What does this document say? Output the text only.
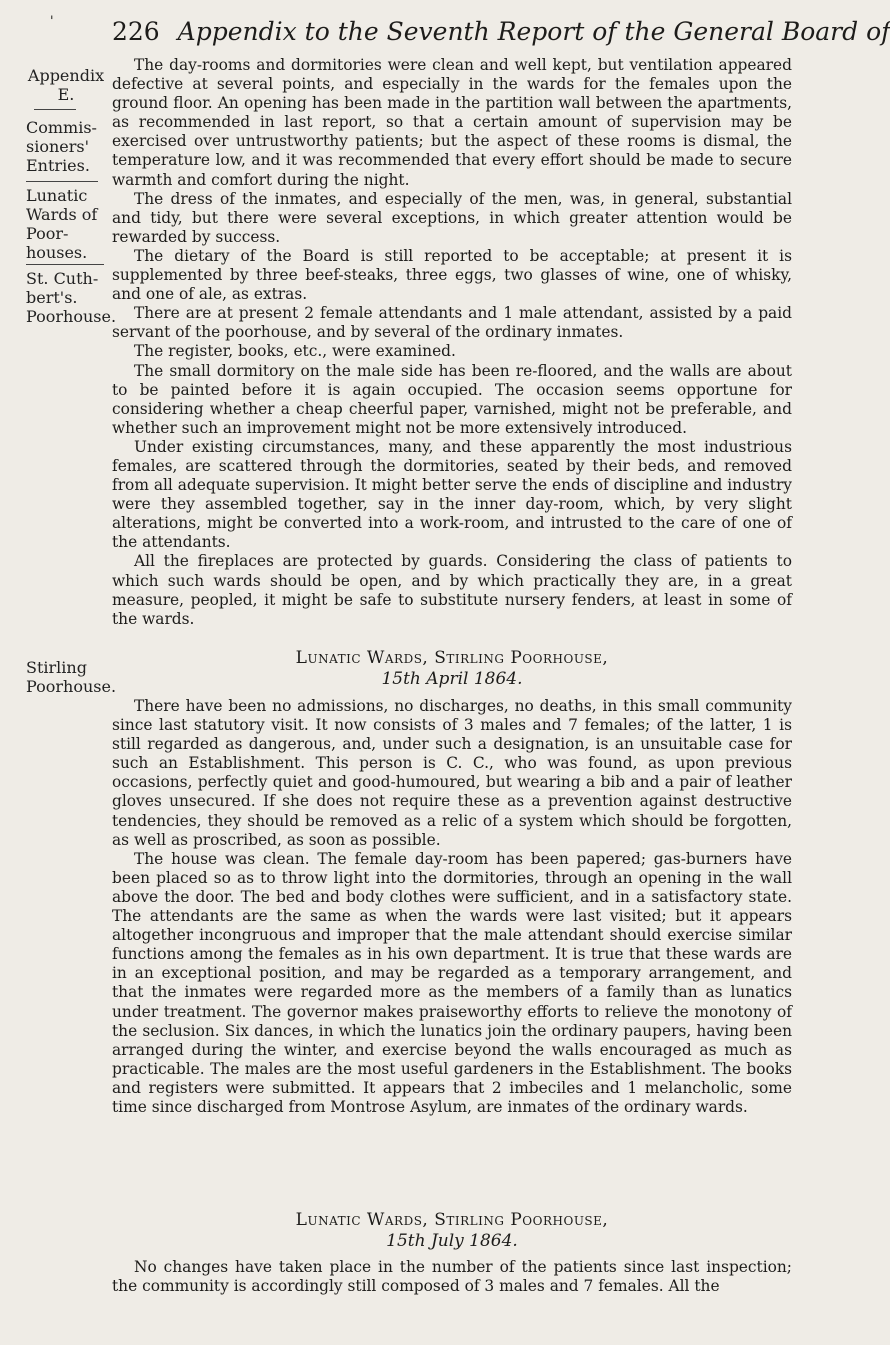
' 226 Appendix to the Seventh Report of the General Board of
Appendix
E.
Commis- sioners' Entries.
Lunatic Wards of Poor- houses.
St. Cuth- bert's. Poorhouse.
Stirling Poorhouse.

The day-rooms and dormitories were clean and well kept, but ventilation appeared defective at several points, and especially in the wards for the females upon the ground floor. An opening has been made in the partition wall between the apartments, as recommended in last report, so that a certain amount of supervision may be exercised over untrustworthy patients; but the aspect of these rooms is dismal, the temperature low, and it was recommended that every effort should be made to secure warmth and comfort during the night.

The dress of the inmates, and especially of the men, was, in general, substantial and tidy, but there were several exceptions, in which greater attention would be rewarded by success.

The dietary of the Board is still reported to be acceptable; at present it is supplemented by three beef-steaks, three eggs, two glasses of wine, one of whisky, and one of ale, as extras.

There are at present 2 female attendants and 1 male attendant, assisted by a paid servant of the poorhouse, and by several of the ordinary inmates.

The register, books, etc., were examined.

The small dormitory on the male side has been re-floored, and the walls are about to be painted before it is again occupied. The occasion seems opportune for considering whether a cheap cheerful paper, varnished, might not be preferable, and whether such an improvement might not be more extensively introduced.

Under existing circumstances, many, and these apparently the most industrious females, are scattered through the dormitories, seated by their beds, and removed from all adequate supervision. It might better serve the ends of discipline and industry were they assembled together, say in the inner day-room, which, by very slight alterations, might be converted into a work-room, and intrusted to the care of one of the attendants.

All the fireplaces are protected by guards. Considering the class of patients to which such wards should be open, and by which practically they are, in a great measure, peopled, it might be safe to substitute nursery fenders, at least in some of the wards.

Lunatic Wards, Stirling Poorhouse,
15th April 1864.

There have been no admissions, no discharges, no deaths, in this small community since last statutory visit. It now consists of 3 males and 7 females; of the latter, 1 is still regarded as dangerous, and, under such a designation, is an unsuitable case for such an Establishment. This person is C. C., who was found, as upon previous occasions, perfectly quiet and good-humoured, but wearing a bib and a pair of leather gloves unsecured. If she does not require these as a prevention against destructive tendencies, they should be removed as a relic of a system which should be forgotten, as well as proscribed, as soon as possible.

The house was clean. The female day-room has been papered; gas-burners have been placed so as to throw light into the dormitories, through an opening in the wall above the door. The bed and body clothes were sufficient, and in a satisfactory state. The attendants are the same as when the wards were last visited; but it appears altogether incongruous and improper that the male attendant should exercise similar functions among the females as in his own department. It is true that these wards are in an exceptional position, and may be regarded as a temporary arrangement, and that the inmates were regarded more as the members of a family than as lunatics under treatment. The governor makes praiseworthy efforts to relieve the monotony of the seclusion. Six dances, in which the lunatics join the ordinary paupers, having been arranged during the winter, and exercise beyond the walls encouraged as much as practicable. The males are the most useful gardeners in the Establishment. The books and registers were submitted. It appears that 2 imbeciles and 1 melancholic, some time since discharged from Montrose Asylum, are inmates of the ordinary wards.

Lunatic Wards, Stirling Poorhouse,
15th July 1864.

No changes have taken place in the number of the patients since last inspection; the community is accordingly still composed of 3 males and 7 females. All the
